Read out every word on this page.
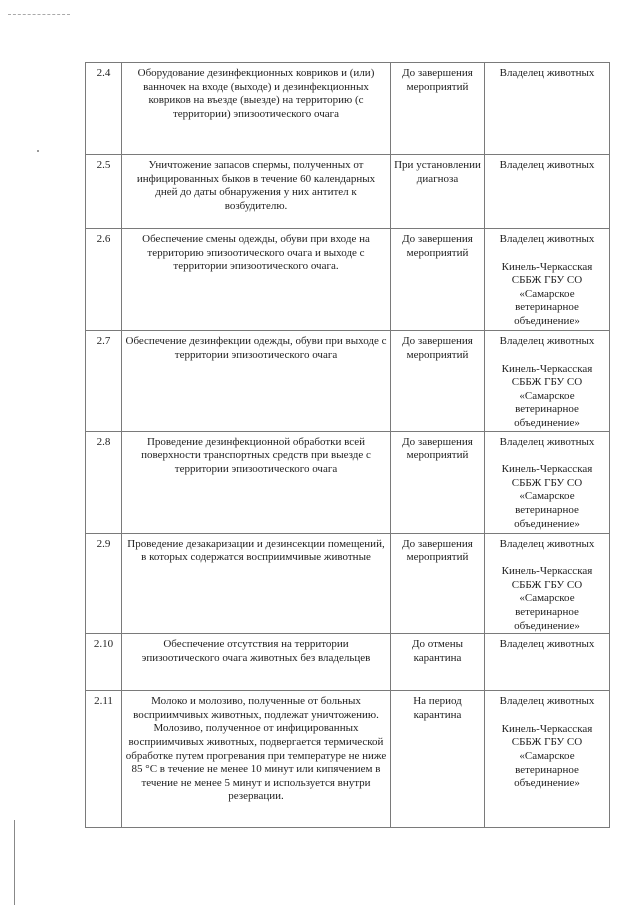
2.4	Оборудование дезинфекционных ковриков и (или) ванночек на входе (выходе) и дезинфекционных ковриков на въезде (выезде) на территорию (с территории) эпизоотического очага	До завершения мероприятий	Владелец животных

2.5	Уничтожение запасов спермы, полученных от инфицированных быков в течение 60 календарных дней до даты обнаружения у них антител к возбудителю.	При установлении диагноза	Владелец животных

2.6	Обеспечение смены одежды, обуви при входе на территорию эпизоотического очага и выходе с территории эпизоотического очага.	До завершения мероприятий	Владелец животных
Кинель-Черкасская СББЖ ГБУ СО «Самарское ветеринарное объединение»

2.7	Обеспечение дезинфекции одежды, обуви при выходе с территории эпизоотического очага	До завершения мероприятий	Владелец животных
Кинель-Черкасская СББЖ ГБУ СО «Самарское ветеринарное объединение»

2.8	Проведение дезинфекционной обработки всей поверхности транспортных средств при выезде с территории эпизоотического очага	До завершения мероприятий	Владелец животных
Кинель-Черкасская СББЖ ГБУ СО «Самарское ветеринарное объединение»

2.9	Проведение дезакаризации и дезинсекции помещений, в которых содержатся восприимчивые животные	До завершения мероприятий	Владелец животных
Кинель-Черкасская СББЖ ГБУ СО «Самарское ветеринарное объединение»

2.10	Обеспечение отсутствия на территории эпизоотического очага животных без владельцев	До отмены карантина	Владелец животных

2.11	Молоко и молозиво, полученные от больных восприимчивых животных, подлежат уничтожению. Молозиво, полученное от инфицированных восприимчивых животных, подвергается термической обработке путем прогревания при температуре не ниже 85 °С в течение не менее 10 минут или кипячением в течение не менее 5 минут и используется внутри резервации.	На период карантина	Владелец животных
Кинель-Черкасская СББЖ ГБУ СО «Самарское ветеринарное объединение»
